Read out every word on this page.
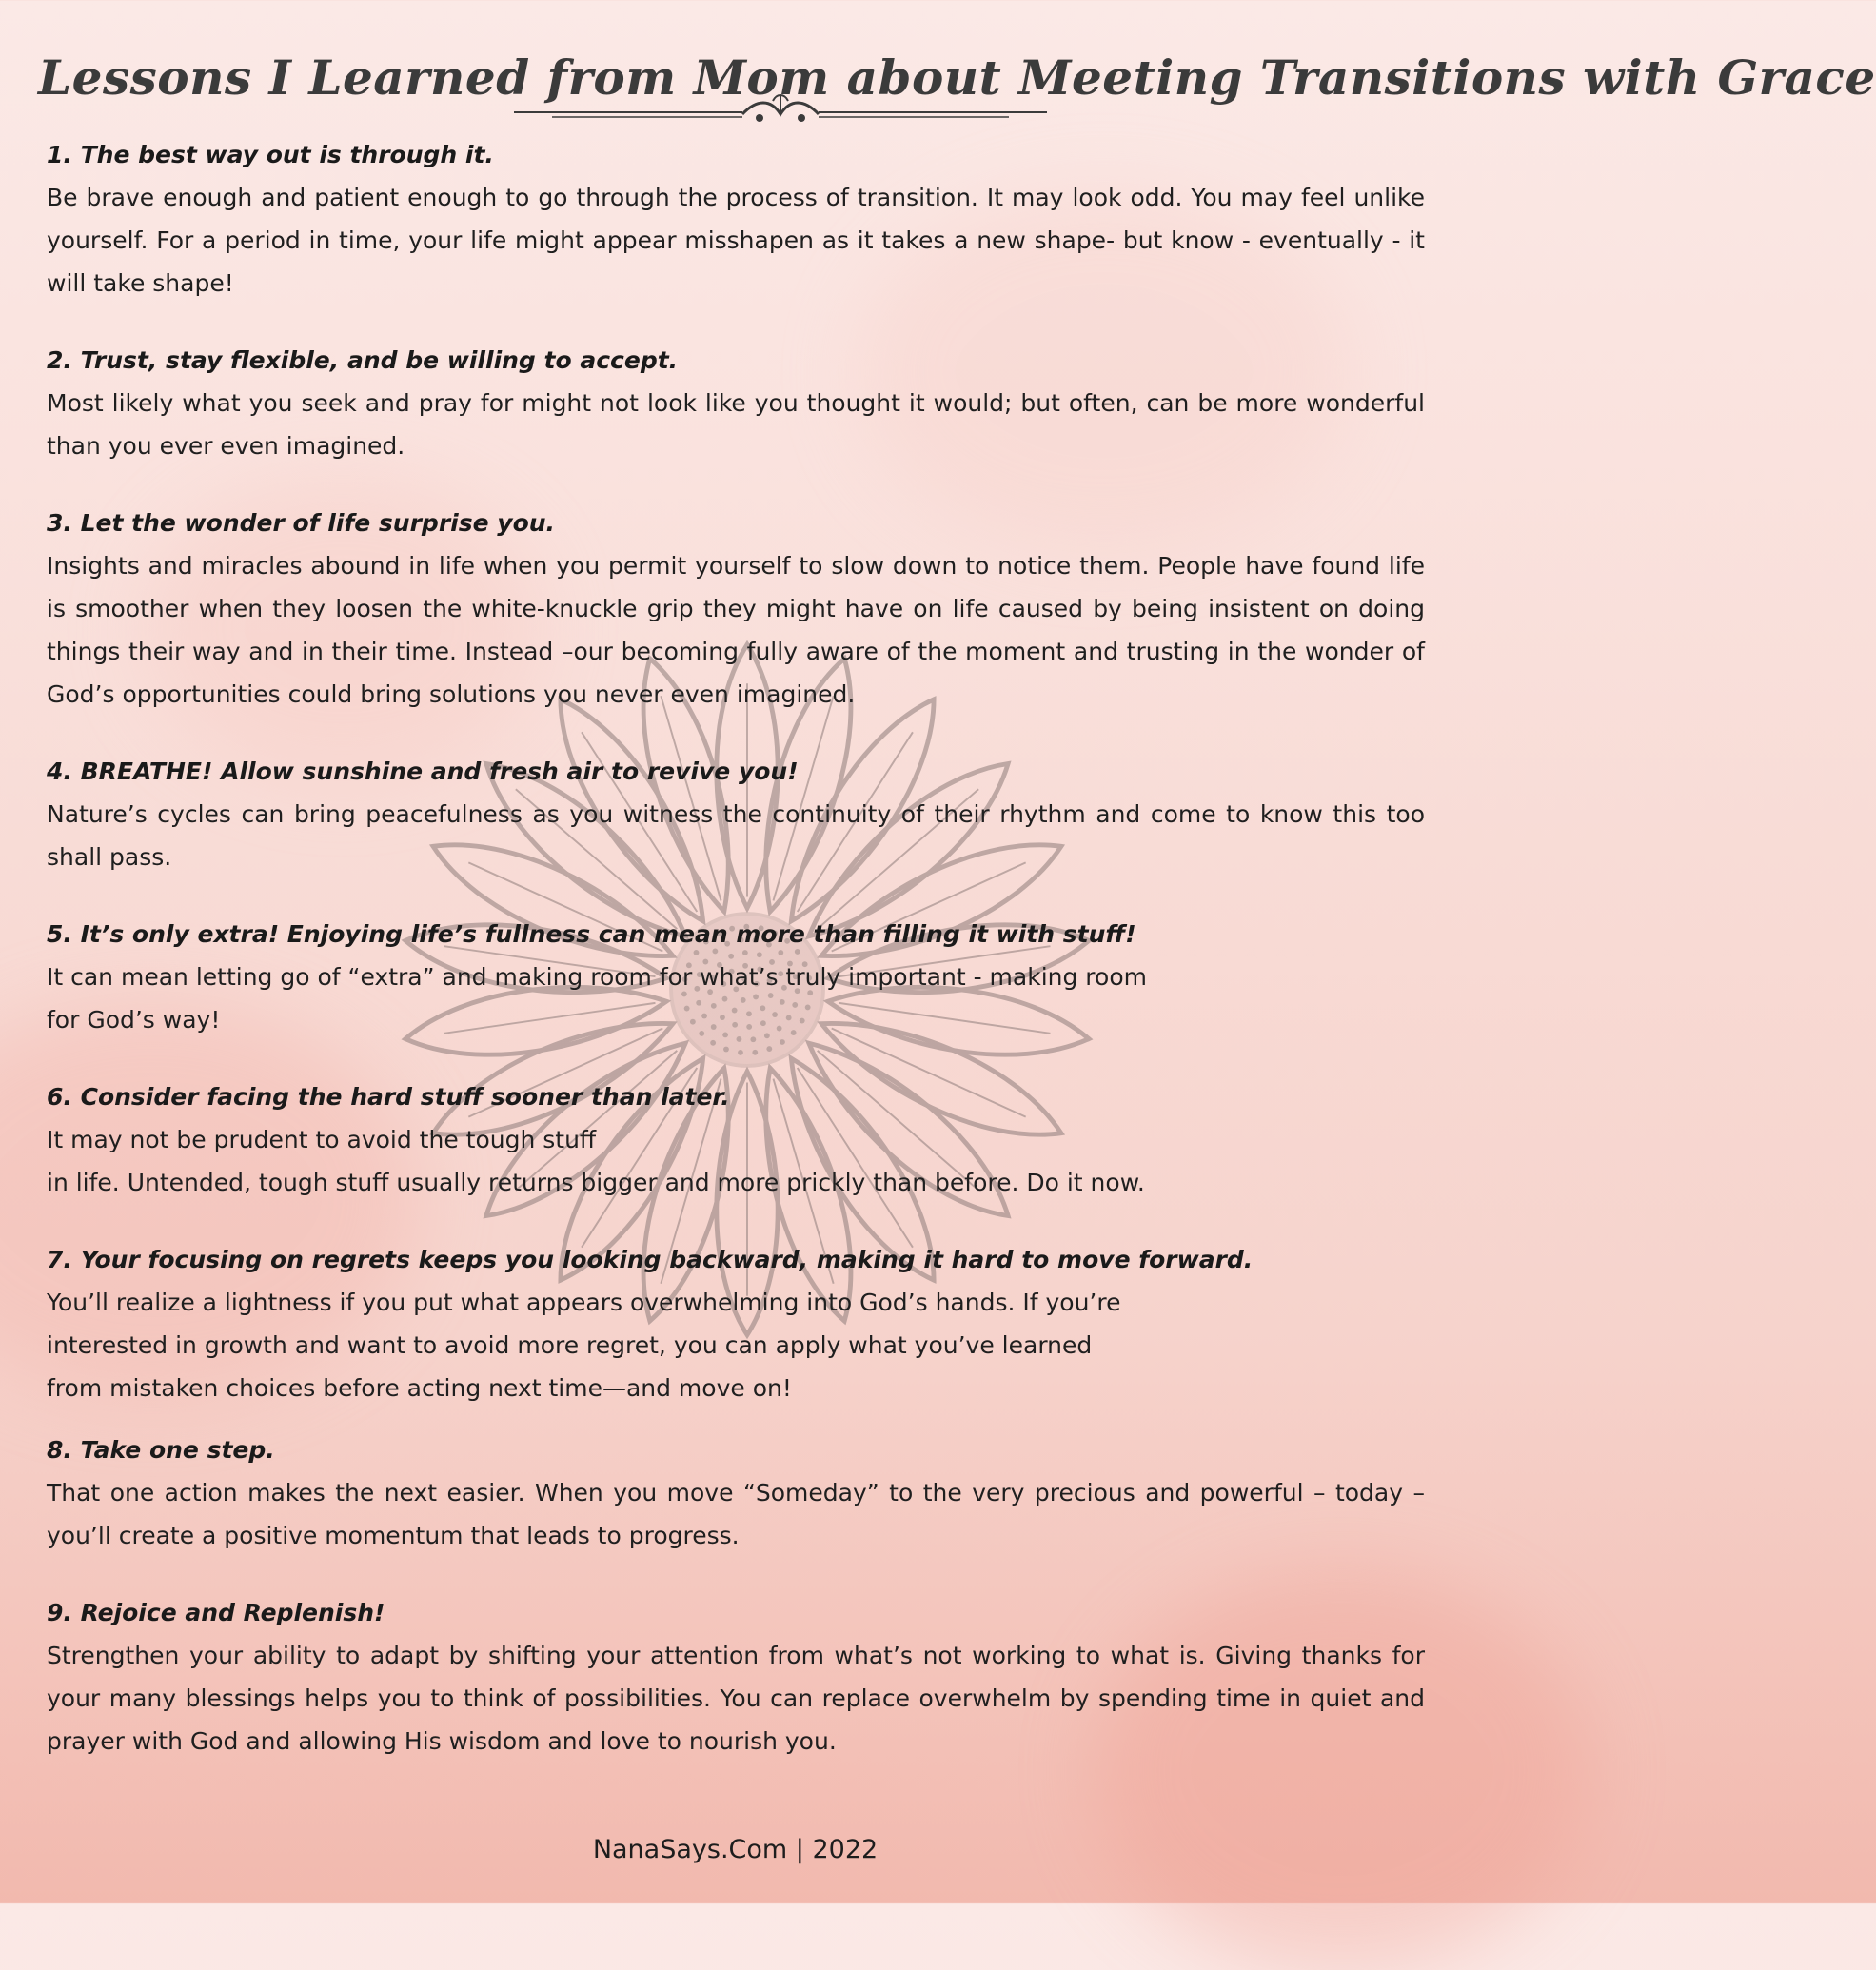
Lessons I Learned from Mom about Meeting Transitions with Grace
1. The best way out is through it.

Be brave enough and patient enough to go through the process of transition. It may look odd. You may feel unlike yourself. For a period in time, your life might appear misshapen as it takes a new shape- but know - eventually - it will take shape!

2. Trust, stay flexible, and be willing to accept.

Most likely what you seek and pray for might not look like you thought it would; but often, can be more wonderful than you ever even imagined.

3. Let the wonder of life surprise you.

Insights and miracles abound in life when you permit yourself to slow down to notice them. People have found life is smoother when they loosen the white-knuckle grip they might have on life caused by being insistent on doing things their way and in their time. Instead –our becoming fully aware of the moment and trusting in the wonder of God’s opportunities could bring solutions you never even imagined.

4. BREATHE! Allow sunshine and fresh air to revive you!

Nature’s cycles can bring peacefulness as you witness the continuity of their rhythm and come to know this too shall pass.

5. It’s only extra! Enjoying life’s fullness can mean more than filling it with stuff!

It can mean letting go of “extra” and making room for what’s truly important - making room

for God’s way!

6. Consider facing the hard stuff sooner than later.

It may not be prudent to avoid the tough stuff

in life. Untended, tough stuff usually returns bigger and more prickly than before. Do it now.

7. Your focusing on regrets keeps you looking backward, making it hard to move forward.

You’ll realize a lightness if you put what appears overwhelming into God’s hands. If you’re

interested in growth and want to avoid more regret, you can apply what you’ve learned

from mistaken choices before acting next time—and move on!

8. Take one step.

That one action makes the next easier. When you move “Someday” to the very precious and powerful – today – you’ll create a positive momentum that leads to progress.

9. Rejoice and Replenish!

Strengthen your ability to adapt by shifting your attention from what’s not working to what is. Giving thanks for your many blessings helps you to think of possibilities. You can replace overwhelm by spending time in quiet and prayer with God and allowing His wisdom and love to nourish you.

NanaSays.Com | 2022
